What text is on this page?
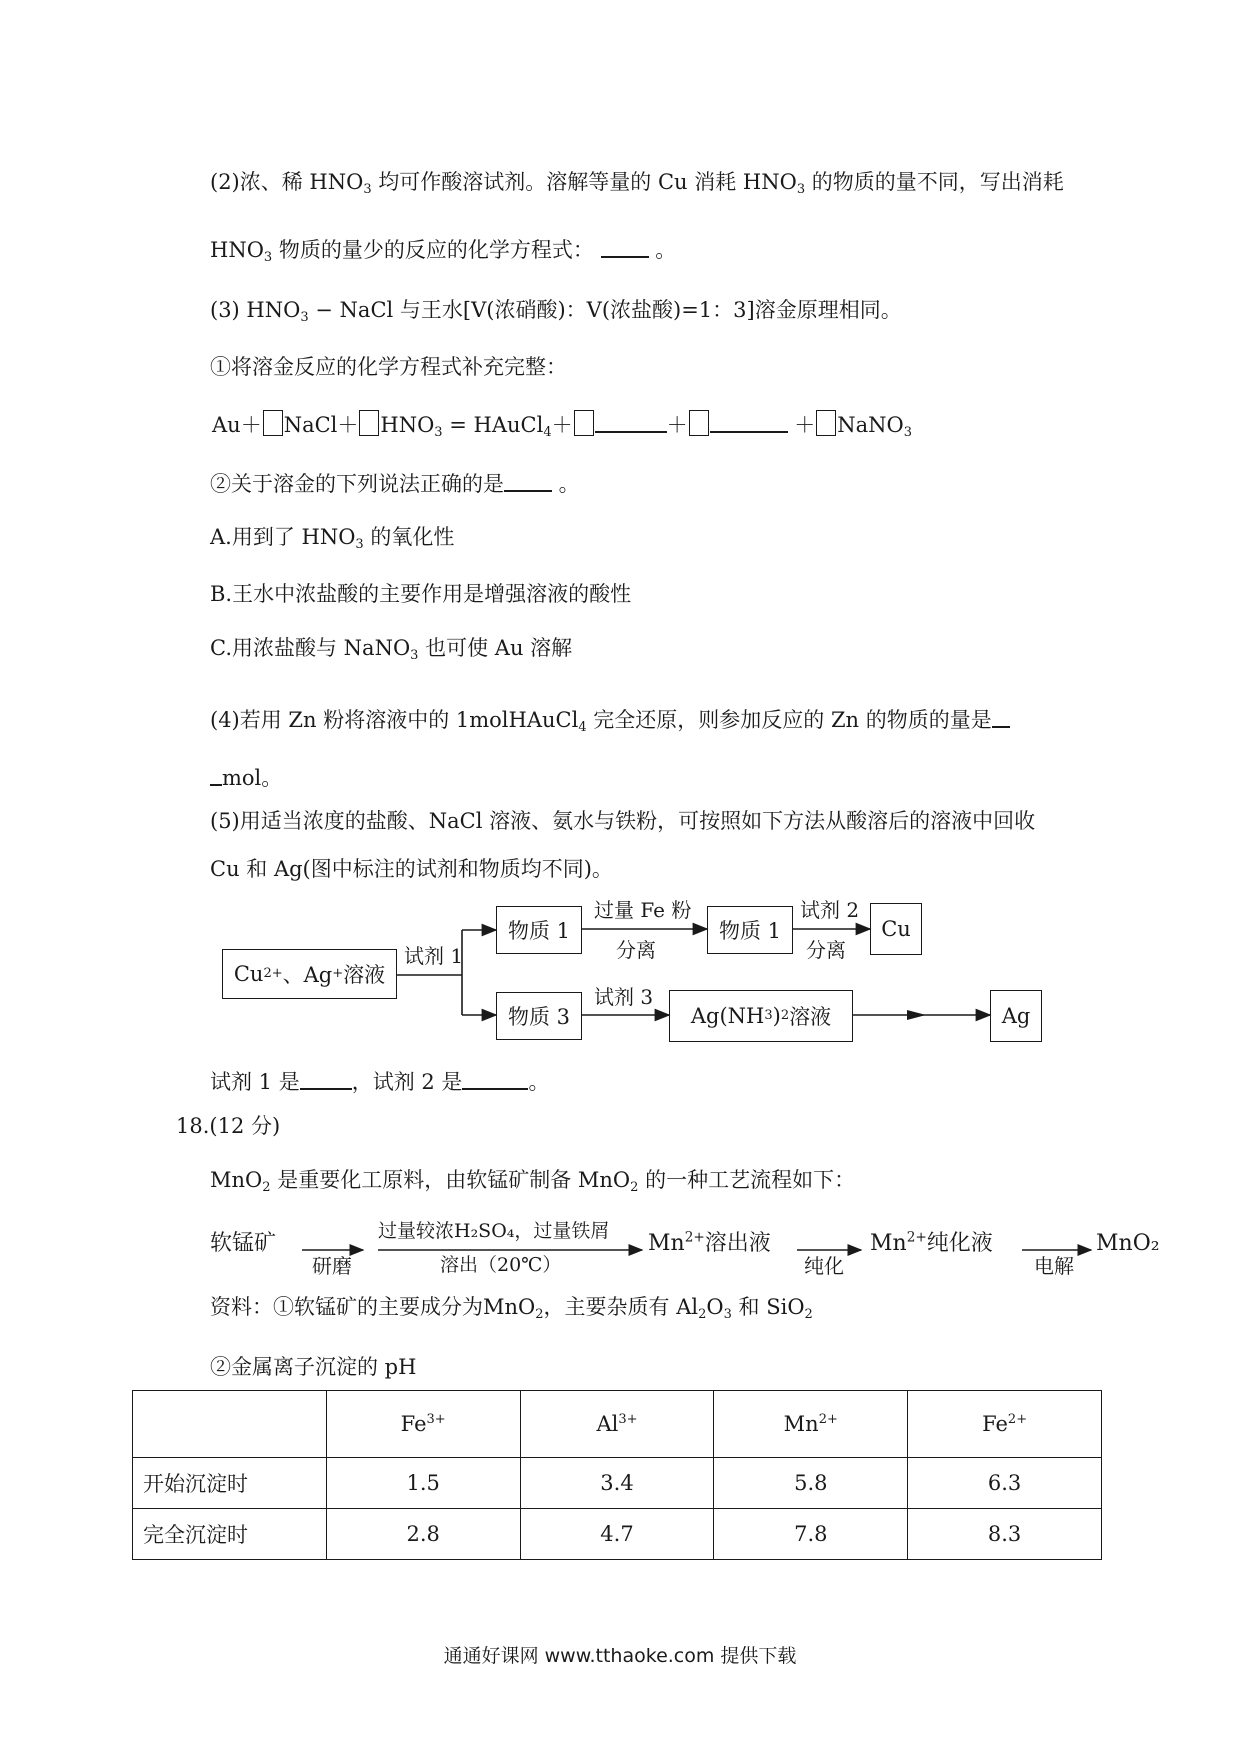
(2)浓、稀 $HNO_3$ 均可作酸溶试剂。溶解等量的 Cu 消耗 $HNO_3$ 的物质的量不同，写出消耗
$HNO_3$ 物质的量少的反应的化学方程式：	。
(3) $HNO_3$ − NaCl 与王水[V(浓硝酸)：V(浓盐酸)=1：3]溶金原理相同。
①将溶金反应的化学方程式补充完整：
Au＋ NaCl＋ $HNO_3$ = HAuCl$_4$＋	＋	＋ NaNO$_3$
②关于溶金的下列说法正确的是 。
A.用到了 $HNO_3$ 的氧化性
B.王水中浓盐酸的主要作用是增强溶液的酸性
C.用浓盐酸与 NaNO$_3$ 也可使 Au 溶解
(4)若用 Zn 粉将溶液中的 1molHAuCl$_4$ 完全还原，则参加反应的 Zn 的物质的量是
mol。
(5)用适当浓度的盐酸、NaCl 溶液、氨水与铁粉，可按照如下方法从酸溶后的溶液中回收
Cu 和 Ag(图中标注的试剂和物质均不同)。
Cu 2+ 、Ag + 溶液
试剂 1
物质 1
过量 Fe 粉
分离
物质 1
试剂 2
分离
Cu
物质 3
试剂 3
Ag(NH 3 ) 2 溶液	Ag
试剂 1 是 ，试剂 2 是	。
18.(12 分)
MnO$_2$ 是重要化工原料，由软锰矿制备 MnO$_2$ 的一种工艺流程如下：
软锰矿
研磨
过量较浓H₂SO₄，过量铁屑
溶出（20℃）
$Mn^{2+}$溶出液
纯化
$Mn^{2+}$纯化液
电解
MnO₂
资料：①软锰矿的主要成分为MnO$_2$，主要杂质有 $Al_2O_3$ 和 SiO$_2$
②金属离子沉淀的 pH
	$Fe^{3+}$	$Al^{3+}$	$Mn^{2+}$	$Fe^{2+}$
开始沉淀时	1.5	3.4	5.8	6.3
完全沉淀时	2.8	4.7	7.8	8.3
通通好课网 www.tthaoke.com 提供下载
